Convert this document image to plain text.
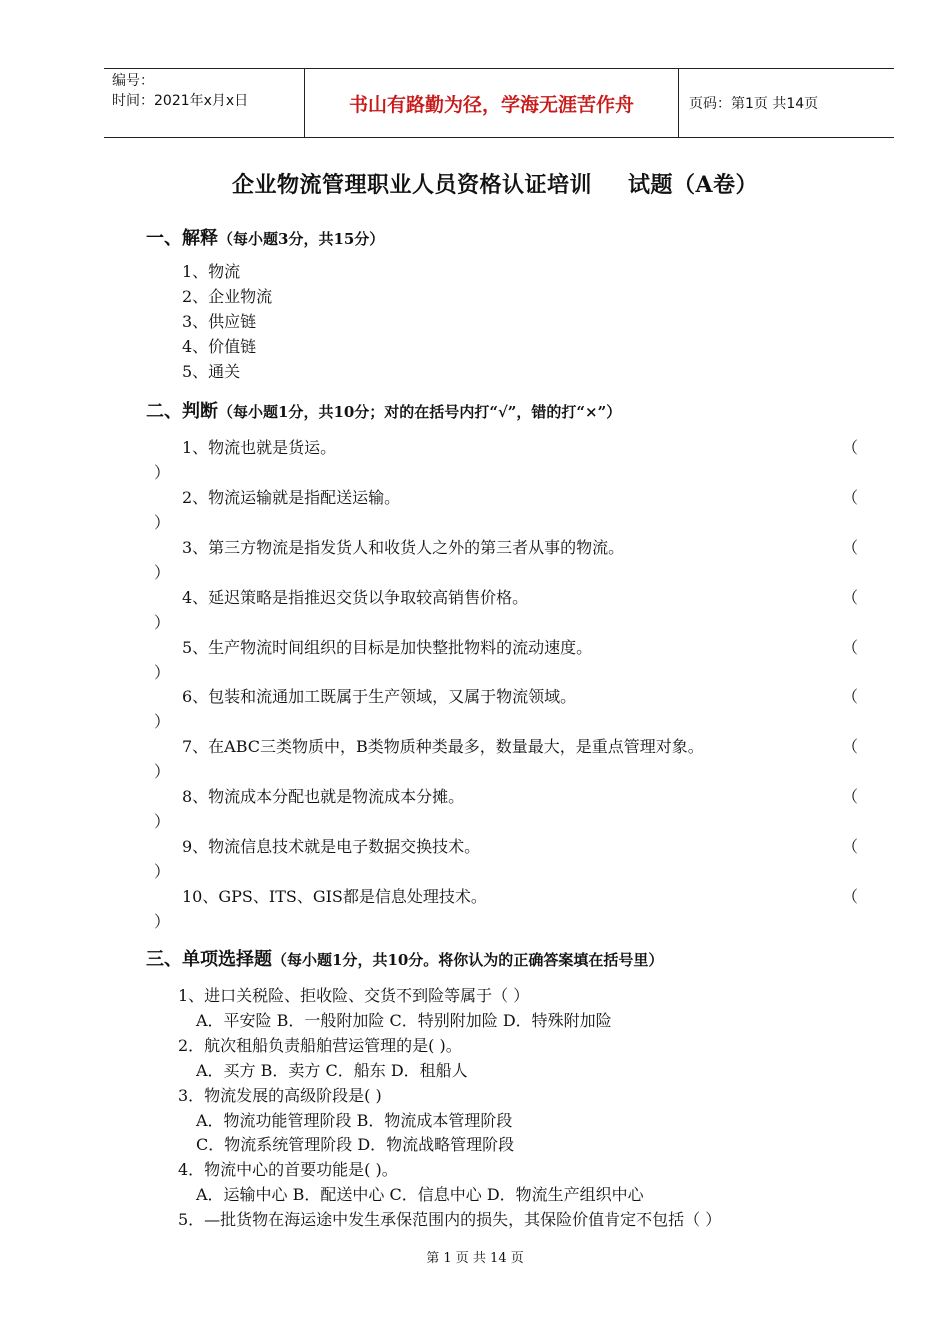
编号：
时间：2021年x月x日	书山有路勤为径，学海无涯苦作舟	页码：第1页 共14页
企业物流管理职业人员资格认证培训 试题（A卷）
一、解释（每小题3分，共15分）
1、物流
2、企业物流
3、供应链
4、价值链
5、通关
二、判断（每小题1分，共10分；对的在括号内打“√”，错的打“×”）
1、物流也就是货运。	（
）
2、物流运输就是指配送运输。	（
）
3、第三方物流是指发货人和收货人之外的第三者从事的物流。	（
）
4、延迟策略是指推迟交货以争取较高销售价格。	（
）
5、生产物流时间组织的目标是加快整批物料的流动速度。	（
）
6、包装和流通加工既属于生产领域，又属于物流领域。	（
）
7、在ABC三类物质中，B类物质种类最多，数量最大，是重点管理对象。	（
）
8、物流成本分配也就是物流成本分摊。	（
）
9、物流信息技术就是电子数据交换技术。	（
）
10、GPS、ITS、GIS都是信息处理技术。	（
）
三、单项选择题（每小题1分，共10分。将你认为的正确答案填在括号里）
1、进口关税险、拒收险、交货不到险等属于（ ）
A．平安险 B．一般附加险 C．特别附加险 D．特殊附加险
2．航次租船负责船舶营运管理的是( )。
A．买方 B．卖方 C．船东 D．租船人
3．物流发展的高级阶段是( )
A．物流功能管理阶段 B．物流成本管理阶段
C．物流系统管理阶段 D．物流战略管理阶段
4．物流中心的首要功能是( )。
A．运输中心 B．配送中心 C．信息中心 D．物流生产组织中心
5．—批货物在海运途中发生承保范围内的损失，其保险价值肯定不包括（ ）
第 1 页 共 14 页
